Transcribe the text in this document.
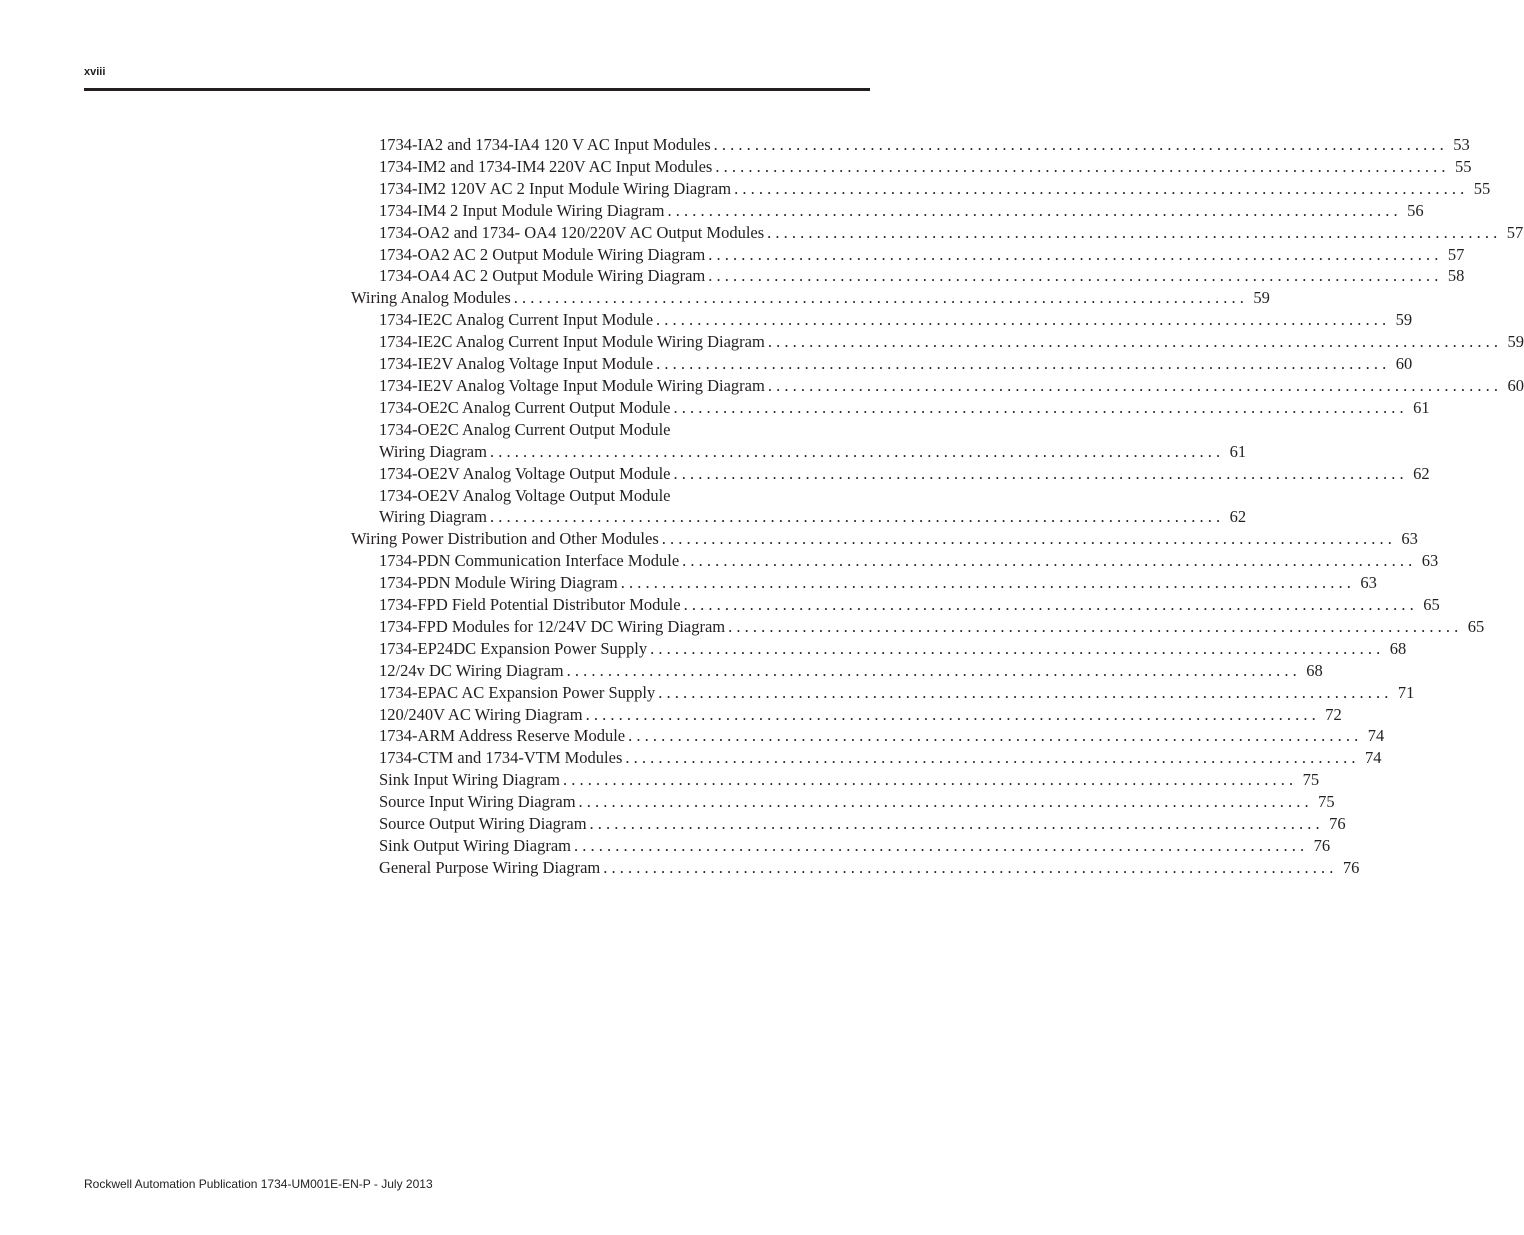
xviii
1734-IA2 and 1734-IA4 120 V AC Input Modules . . .	53
1734-IM2 and 1734-IM4 220V AC Input Modules . . .	55
1734-IM2 120V AC 2 Input Module Wiring Diagram . . .	55
1734-IM4 2 Input Module Wiring Diagram . . .	56
1734-OA2 and 1734- OA4 120/220V AC Output Modules . . .	57
1734-OA2 AC 2 Output Module Wiring Diagram . . .	57
1734-OA4 AC 2 Output Module Wiring Diagram . . .	58
Wiring Analog Modules . . .	59
1734-IE2C Analog Current Input Module . . .	59
1734-IE2C Analog Current Input Module Wiring Diagram . . .	59
1734-IE2V Analog Voltage Input Module . . .	60
1734-IE2V Analog Voltage Input Module Wiring Diagram . . .	60
1734-OE2C Analog Current Output Module . . .	61
1734-OE2C Analog Current Output Module
Wiring Diagram . . .	61
1734-OE2V Analog Voltage Output Module . . .	62
1734-OE2V Analog Voltage Output Module
Wiring Diagram . . .	62
Wiring Power Distribution and Other Modules . . .	63
1734-PDN Communication Interface Module . . .	63
1734-PDN Module Wiring Diagram . . .	63
1734-FPD Field Potential Distributor Module . . .	65
1734-FPD Modules for 12/24V DC Wiring Diagram . . .	65
1734-EP24DC Expansion Power Supply . . .	68
12/24v DC Wiring Diagram . . .	68
1734-EPAC AC Expansion Power Supply . . .	71
120/240V AC Wiring Diagram . . .	72
1734-ARM Address Reserve Module . . .	74
1734-CTM and 1734-VTM Modules . . .	74
Sink Input Wiring Diagram . . .	75
Source Input Wiring Diagram . . .	75
Source Output Wiring Diagram . . .	76
Sink Output Wiring Diagram . . .	76
General Purpose Wiring Diagram . . .	76
Rockwell Automation Publication 1734-UM001E-EN-P - July 2013
